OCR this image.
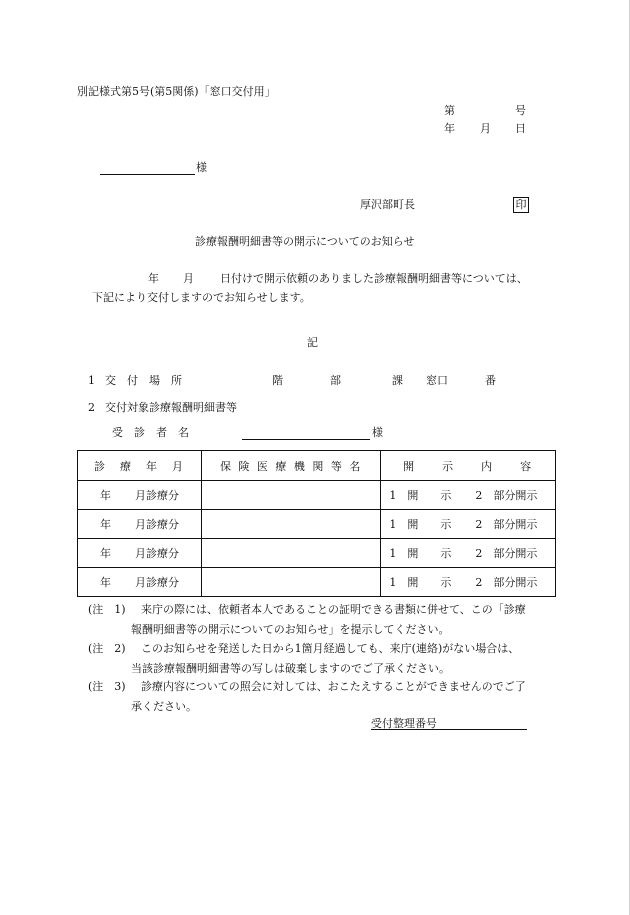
別記様式第5号(第5関係)「窓口交付用」
第	号
年 月 日
様
厚沢部町長	印
診療報酬明細書等の開示についてのお知らせ
年 月 日付けで開示依頼のありました診療報酬明細書等については、
下記により交付しますのでお知らせします。
記
1 交　付　場　所	階	部	課 窓口	番
2 交付対象診療報酬明細書等
受　診　者　名	様
診　療　年　月	保 険 医 療 機 関 等 名	開　　示　　内　　容
年 月診療分		1　開　　示 2　部分開示
年 月診療分		1　開　　示 2　部分開示
年 月診療分		1　開　　示 2　部分開示
年 月診療分		1　開　　示 2　部分開示
(注　1) 来庁の際には、依頼者本人であることの証明できる書類に併せて、この「診療
報酬明細書等の開示についてのお知らせ」を提示してください。
(注　2) このお知らせを発送した日から1箇月経過しても、来庁(連絡)がない場合は、
当該診療報酬明細書等の写しは破棄しますのでご了承ください。
(注　3) 診療内容についての照会に対しては、おこたえすることができませんのでご了
承ください。
受付整理番号
